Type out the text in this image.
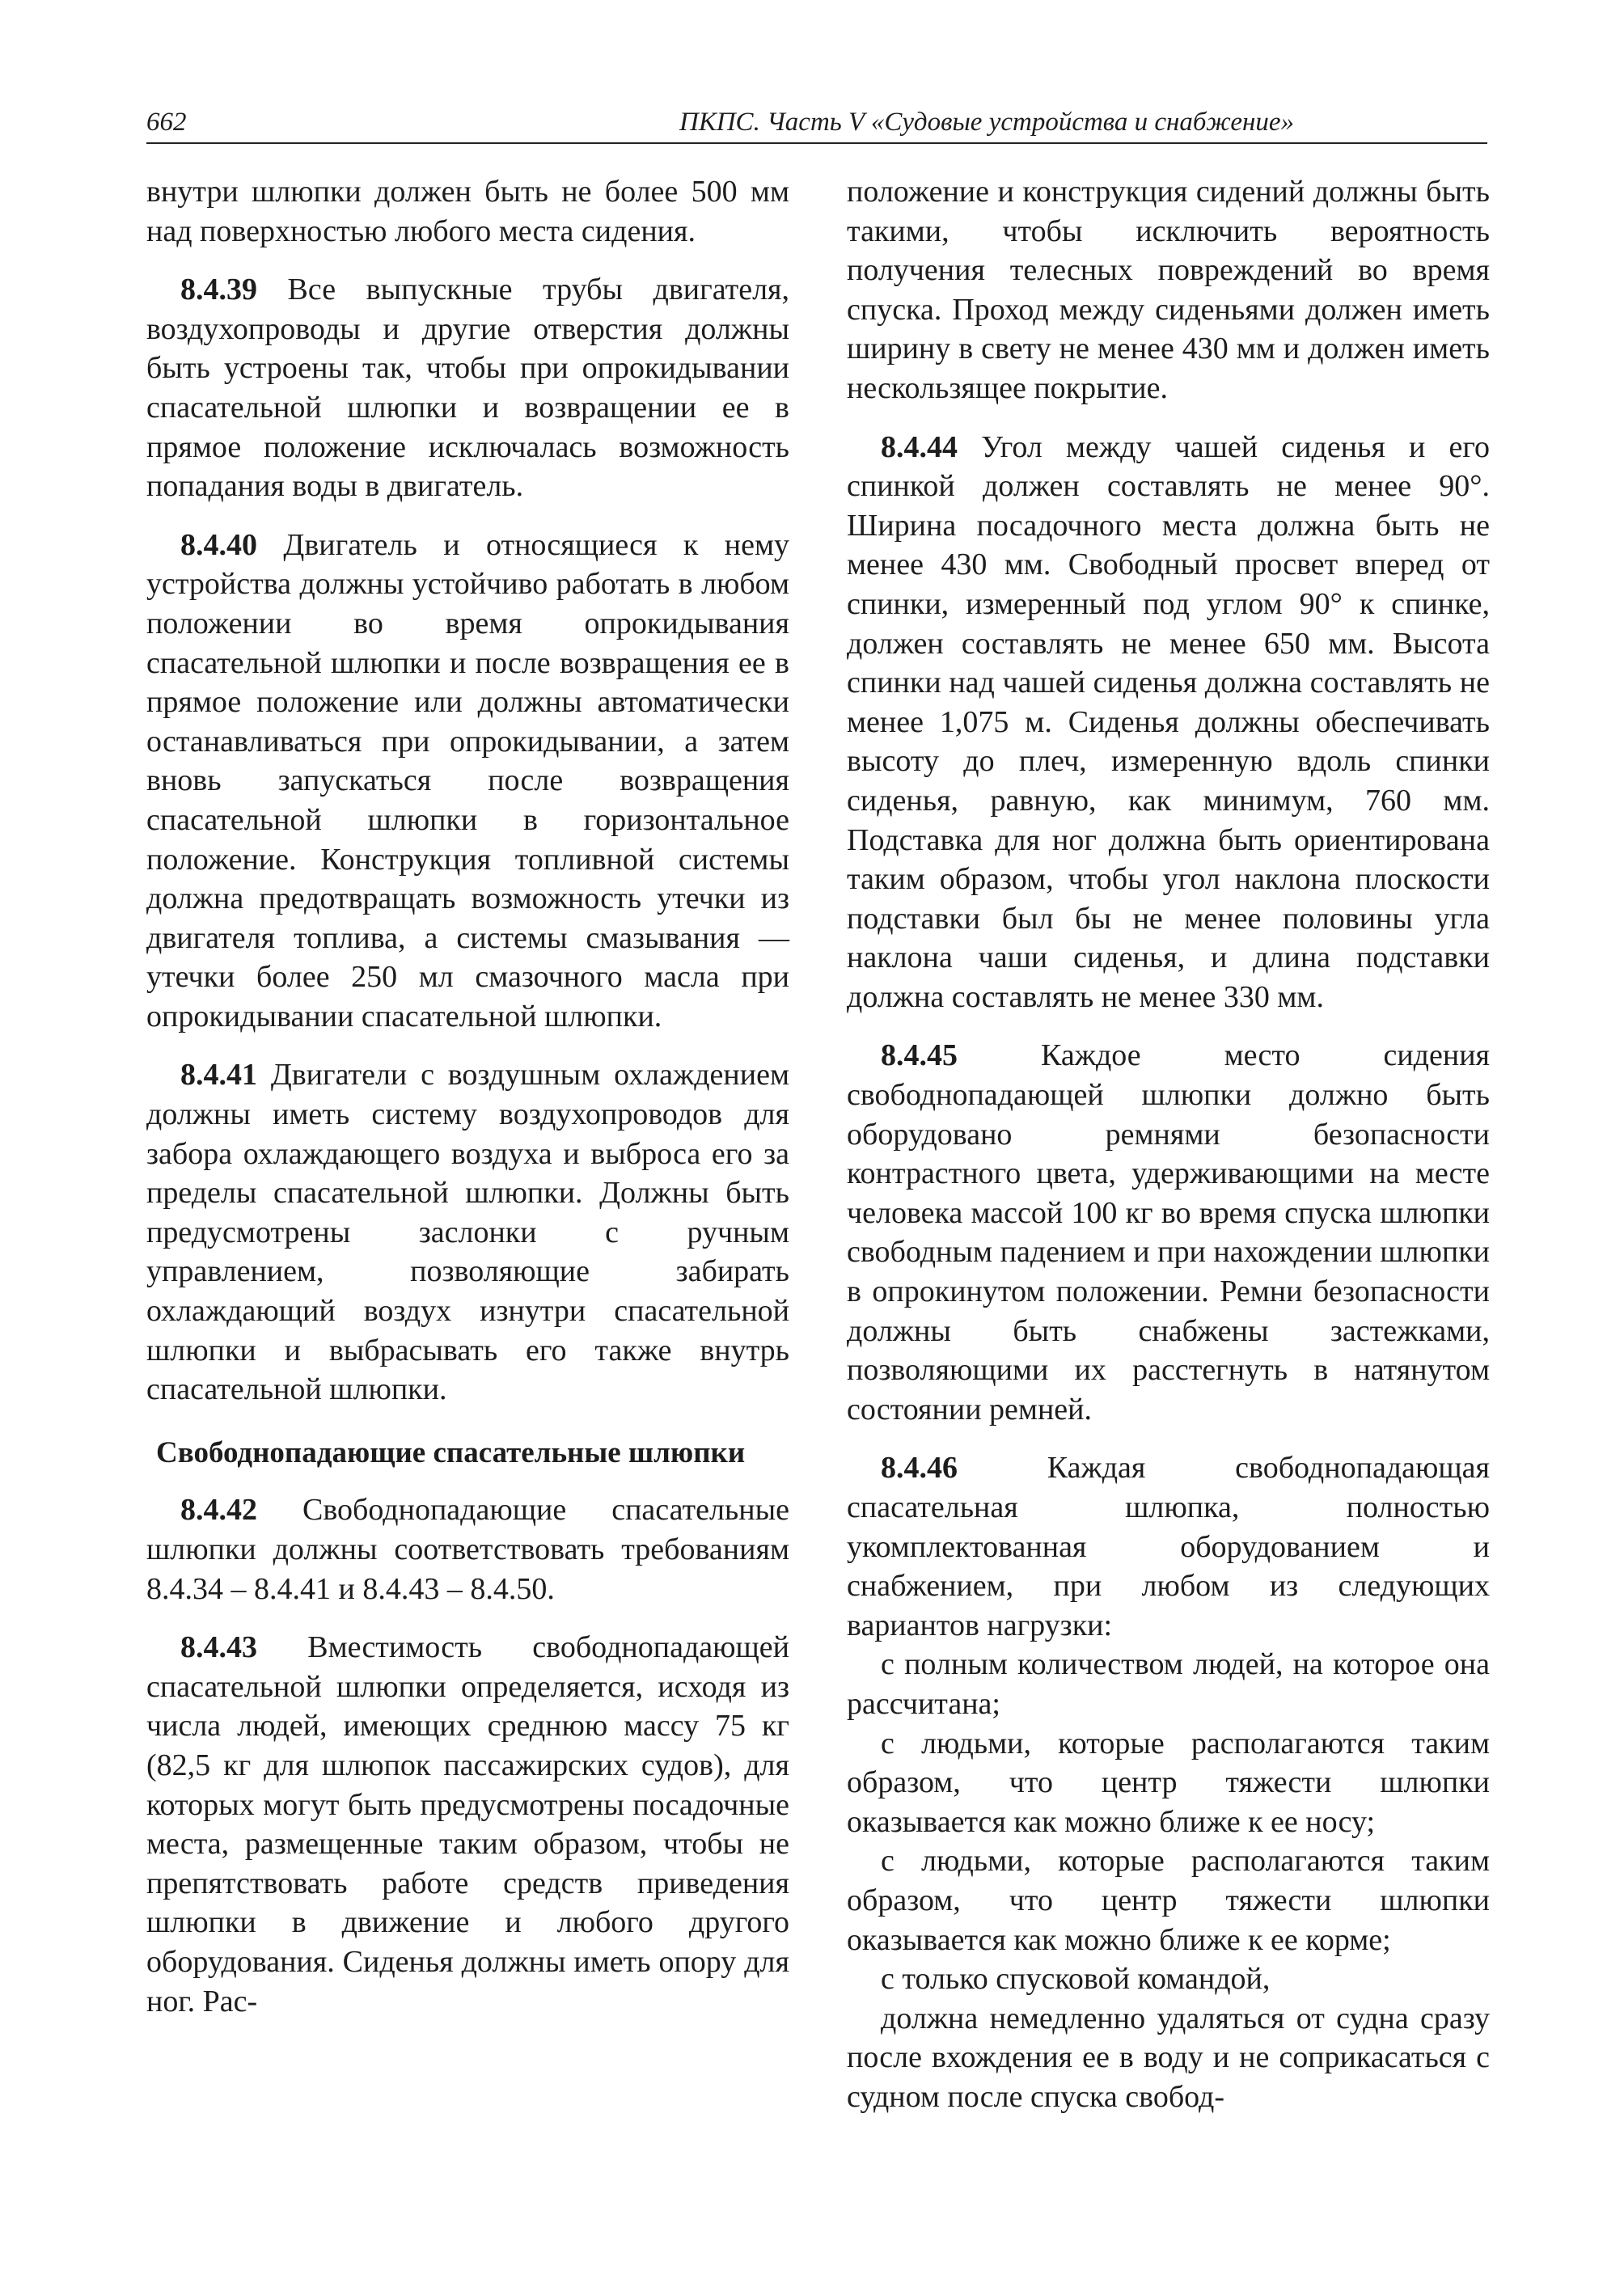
662	ПКПС. Часть V «Судовые устройства и снабжение»

внутри шлюпки должен быть не более 500 мм над поверхностью любого места сидения.

8.4.39 Все выпускные трубы двигателя, воздухопроводы и другие отверстия должны быть устроены так, чтобы при опрокидывании спасательной шлюпки и возвращении ее в прямое положение исключалась возможность попадания воды в двигатель.

8.4.40 Двигатель и относящиеся к нему устройства должны устойчиво работать в любом положении во время опрокидывания спасательной шлюпки и после возвращения ее в прямое положение или должны автоматически останавливаться при опрокидывании, а затем вновь запускаться после возвращения спасательной шлюпки в горизонтальное положение. Конструкция топливной системы должна предотвращать возможность утечки из двигателя топлива, а системы смазывания — утечки более 250 мл смазочного масла при опрокидывании спасательной шлюпки.

8.4.41 Двигатели с воздушным охлаждением должны иметь систему воздухопроводов для забора охлаждающего воздуха и выброса его за пределы спасательной шлюпки. Должны быть предусмотрены заслонки с ручным управлением, позволяющие забирать охлаждающий воздух изнутри спасательной шлюпки и выбрасывать его также внутрь спасательной шлюпки.

Свободнопадающие спасательные шлюпки

8.4.42 Свободнопадающие спасательные шлюпки должны соответствовать требованиям 8.4.34 – 8.4.41 и 8.4.43 – 8.4.50.

8.4.43 Вместимость свободнопадающей спасательной шлюпки определяется, исходя из числа людей, имеющих среднюю массу 75 кг (82,5 кг для шлюпок пассажирских судов), для которых могут быть предусмотрены посадочные места, размещенные таким образом, чтобы не препятствовать работе средств приведения шлюпки в движение и любого другого оборудования. Сиденья должны иметь опору для ног. Рас-

положение и конструкция сидений должны быть такими, чтобы исключить вероятность получения телесных повреждений во время спуска. Проход между сиденьями должен иметь ширину в свету не менее 430 мм и должен иметь нескользящее покрытие.

8.4.44 Угол между чашей сиденья и его спинкой должен составлять не менее 90°. Ширина посадочного места должна быть не менее 430 мм. Свободный просвет вперед от спинки, измеренный под углом 90° к спинке, должен составлять не менее 650 мм. Высота спинки над чашей сиденья должна составлять не менее 1,075 м. Сиденья должны обеспечивать высоту до плеч, измеренную вдоль спинки сиденья, равную, как минимум, 760 мм. Подставка для ног должна быть ориентирована таким образом, чтобы угол наклона плоскости подставки был бы не менее половины угла наклона чаши сиденья, и длина подставки должна составлять не менее 330 мм.

8.4.45	Каждое место сидения свободнопадающей шлюпки должно быть оборудовано ремнями безопасности контрастного цвета, удерживающими на месте человека массой 100 кг во время спуска шлюпки свободным падением и при нахождении шлюпки в опрокинутом положении. Ремни безопасности должны быть снабжены застежками, позволяющими их расстегнуть в натянутом состоянии ремней.

8.4.46	Каждая свободнопадающая спасательная шлюпка, полностью укомплектованная оборудованием и снабжением, при любом из следующих вариантов нагрузки:

с полным количеством людей, на которое она рассчитана;

с людьми, которые располагаются таким образом, что центр тяжести шлюпки оказывается как можно ближе к ее носу;

с людьми, которые располагаются таким образом, что центр тяжести шлюпки оказывается как можно ближе к ее корме;

с только спусковой командой,

должна немедленно удаляться от судна сразу после вхождения ее в воду и не соприкасаться с судном после спуска свобод-
